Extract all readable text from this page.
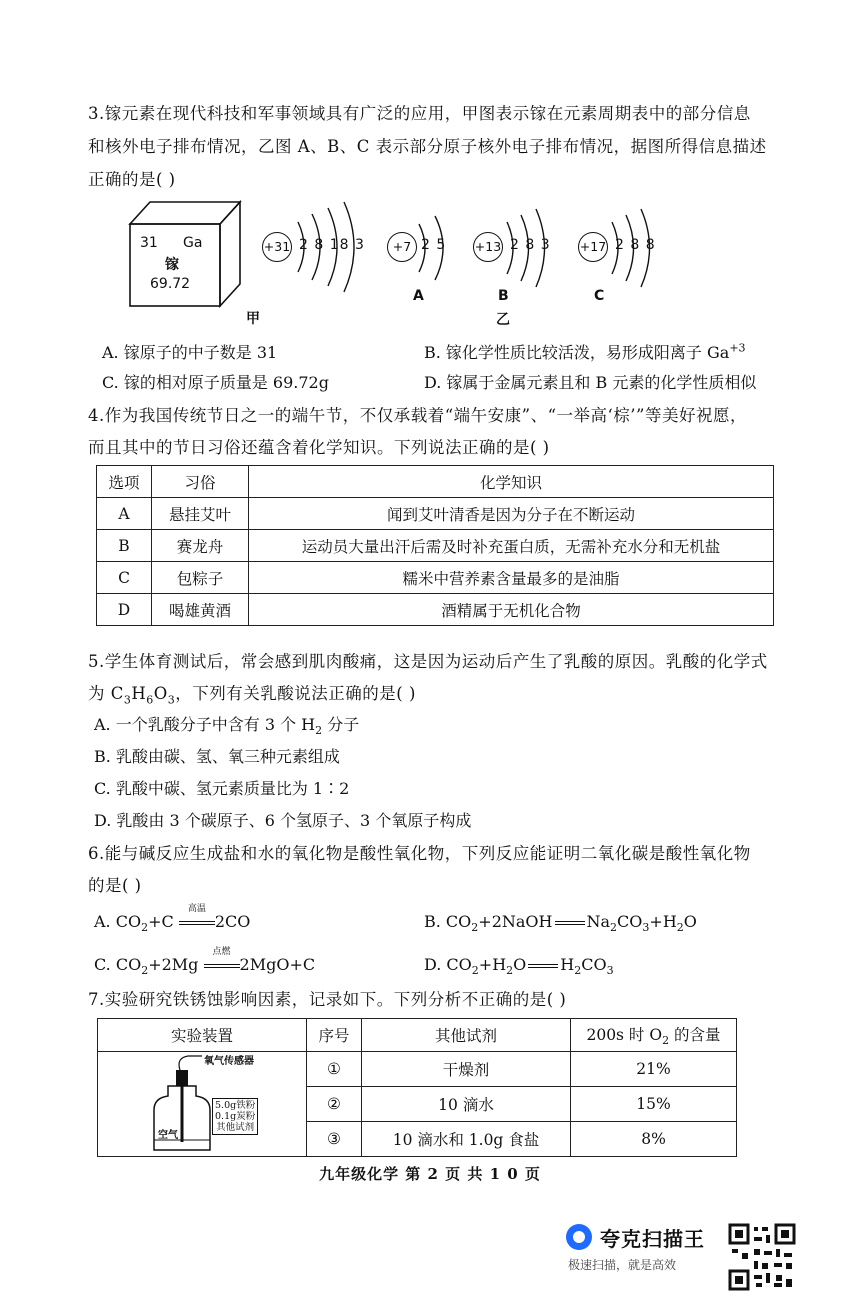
3.镓元素在现代科技和军事领域具有广泛的应用，甲图表示镓在元素周期表中的部分信息
和核外电子排布情况，乙图 A、B、C 表示部分原子核外电子排布情况，据图所得信息描述
正确的是( )
31 Ga
镓
69.72
+31 2 8 18 3	+7 2 5
A
+13 2 8 3
B
+17 2 8 8
C
甲	乙
A. 镓原子的中子数是 31	B. 镓化学性质比较活泼，易形成阳离子 $Ga^{+3}$
C. 镓的相对原子质量是 69.72g	D. 镓属于金属元素且和 B 元素的化学性质相似
4.作为我国传统节日之一的端午节，不仅承载着“端午安康”、“一举高‘棕’”等美好祝愿，
而且其中的节日习俗还蕴含着化学知识。下列说法正确的是( )
选项	习俗	化学知识
A	悬挂艾叶	闻到艾叶清香是因为分子在不断运动
B	赛龙舟	运动员大量出汗后需及时补充蛋白质，无需补充水分和无机盐
C	包粽子	糯米中营养素含量最多的是油脂
D	喝雄黄酒	酒精属于无机化合物
5.学生体育测试后，常会感到肌肉酸痛，这是因为运动后产生了乳酸的原因。乳酸的化学式
为 $C_3H_6O_3$，下列有关乳酸说法正确的是( )
A. 一个乳酸分子中含有 3 个 $H_2$ 分子
B. 乳酸由碳、氢、氧三种元素组成
C. 乳酸中碳、氢元素质量比为 1∶2
D. 乳酸由 3 个碳原子、6 个氢原子、3 个氧原子构成
6.能与碱反应生成盐和水的氧化物是酸性氧化物，下列反应能证明二氧化碳是酸性氧化物
的是( )
A. $CO_2+C$
高温
2CO	B. $CO_2+2NaOH$ $Na_2CO_3+H_2O$
C. $CO_2+2Mg$
点燃
2MgO+C	D. $CO_2+H_2O$ $H_2CO_3$
7.实验研究铁锈蚀影响因素，记录如下。下列分析不正确的是( )
实验装置	序号	其他试剂	200s 时 $O_2$ 的含量

氧气传感器
5.0g铁粉
0.1g炭粉
其他试剂
空气	①	干燥剂	21%
	②	10 滴水	15%
	③	10 滴水和 1.0g 食盐	8%
九年级化学 第 2 页 共 1 0 页
夸克扫描王
极速扫描，就是高效
